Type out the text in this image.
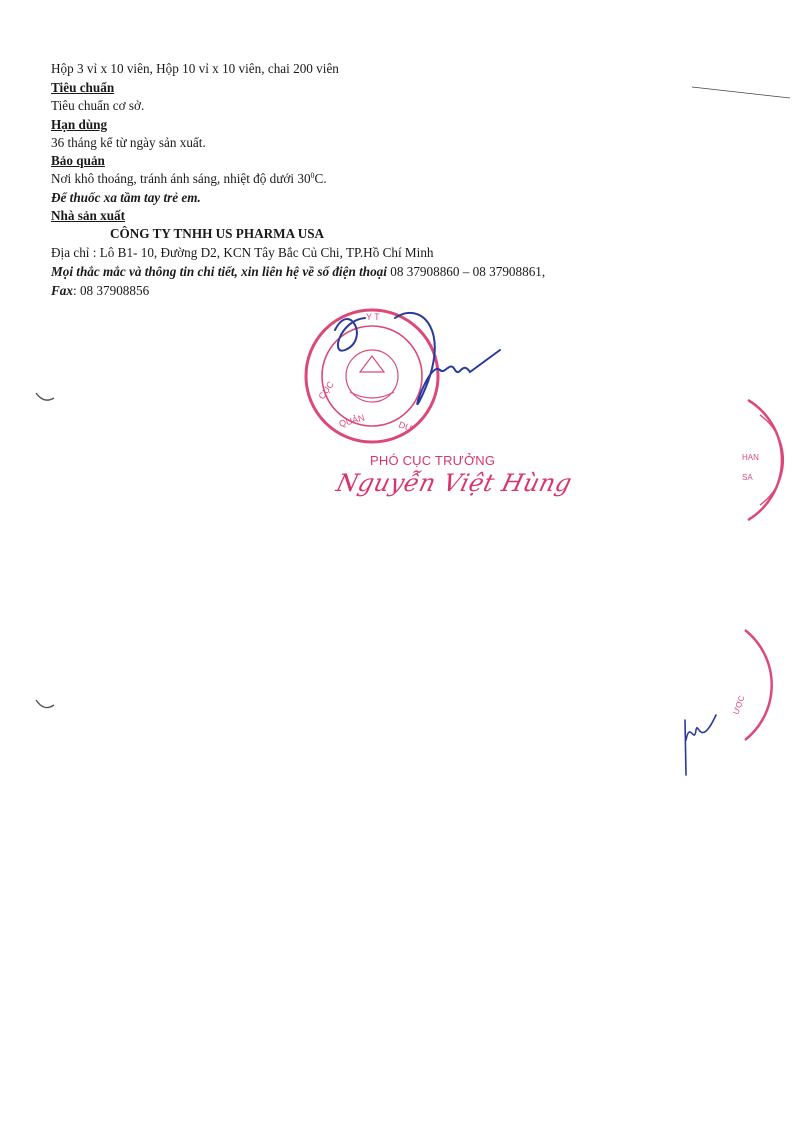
Hộp 3 vỉ x 10 viên, Hộp 10 vỉ x 10 viên, chai 200 viên
Tiêu chuẩn
Tiêu chuẩn cơ sở.
Hạn dùng
36 tháng kể từ ngày sản xuất.
Bảo quản
Nơi khô thoáng, tránh ánh sáng, nhiệt độ dưới $30^0C$.
Để thuốc xa tầm tay trẻ em.
Nhà sản xuất
CÔNG TY TNHH US PHARMA USA
Địa chỉ : Lô B1- 10, Đường D2, KCN Tây Bắc Củ Chi, TP.Hồ Chí Minh
Mọi thắc mắc và thông tin chi tiết, xin liên hệ về số điện thoại 08 37908860 – 08 37908861,
Fax: 08 37908856
Y T
CỤC
QUẢN	DƯ
HAN
SA
ƯỢC
PHÓ CỤC TRƯỞNG
Nguyễn Việt Hùng
